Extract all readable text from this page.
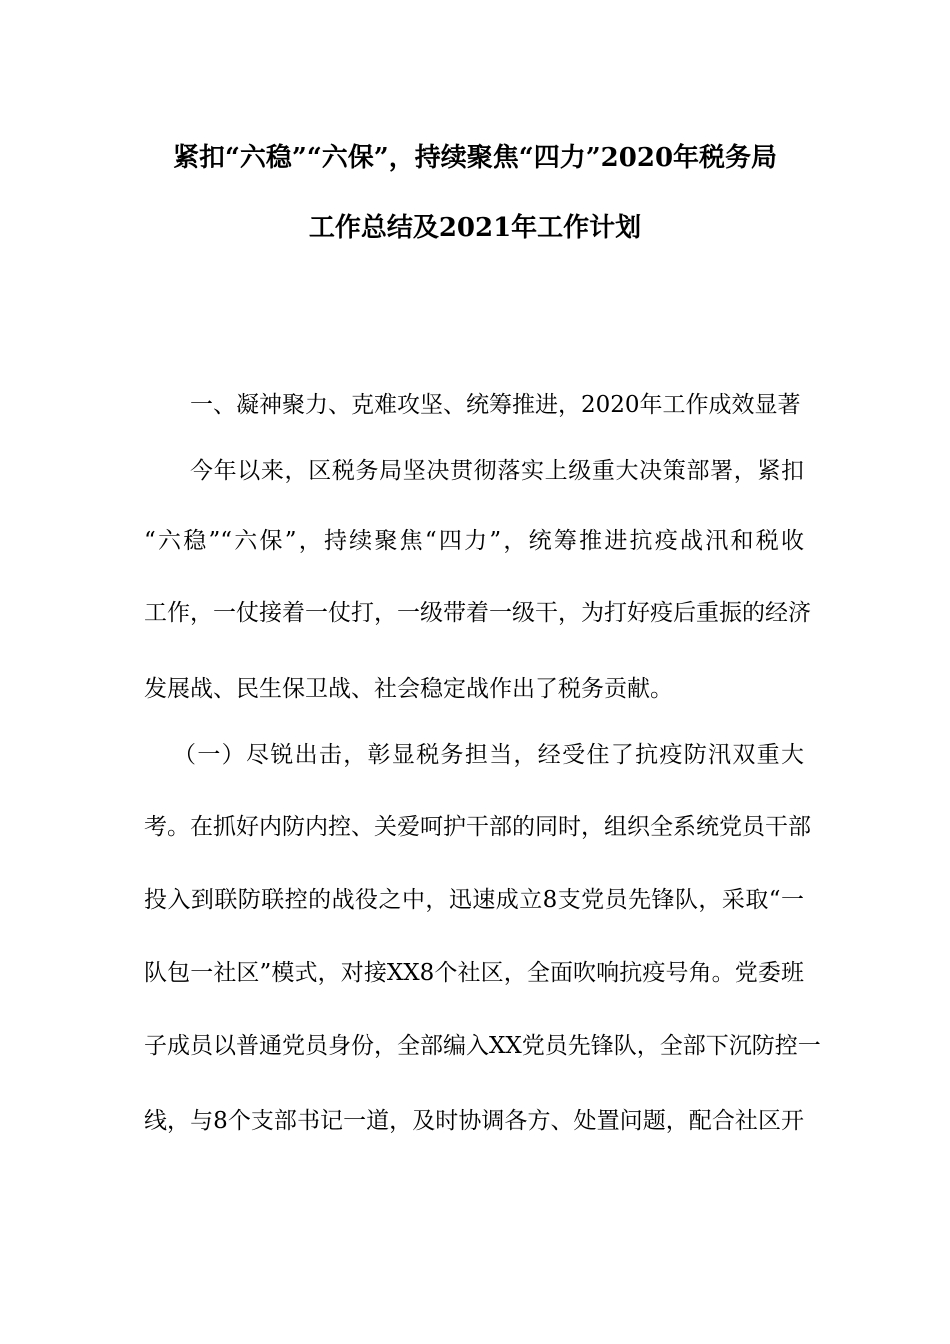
紧扣“六稳”“六保”，持续聚焦“四力”2020年税务局
工作总结及2021年工作计划
一、凝神聚力、克难攻坚、统筹推进，2020年工作成效显著
今年以来，区税务局坚决贯彻落实上级重大决策部署，紧扣
“六稳”“六保”，持续聚焦“四力”，统筹推进抗疫战汛和税收
工作，一仗接着一仗打，一级带着一级干，为打好疫后重振的经济
发展战、民生保卫战、社会稳定战作出了税务贡献。
（一）尽锐出击，彰显税务担当，经受住了抗疫防汛双重大
考。在抓好内防内控、关爱呵护干部的同时，组织全系统党员干部
投入到联防联控的战役之中，迅速成立8支党员先锋队，采取“一
队包一社区”模式，对接XX8个社区，全面吹响抗疫号角。党委班
子成员以普通党员身份，全部编入XX党员先锋队，全部下沉防控一
线，与8个支部书记一道，及时协调各方、处置问题，配合社区开
